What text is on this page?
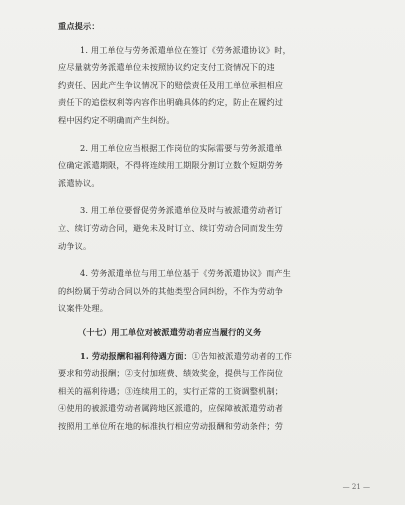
重点提示：
1. 用工单位与劳务派遣单位在签订《劳务派遣协议》时，
应尽量就劳务派遣单位未按照协议约定支付工资情况下的违
约责任、因此产生争议情况下的赔偿责任及用工单位承担相应
责任下的追偿权利等内容作出明确具体的约定，防止在履约过
程中因约定不明确而产生纠纷。
2. 用工单位应当根据工作岗位的实际需要与劳务派遣单
位确定派遣期限，不得将连续用工期限分割订立数个短期劳务
派遣协议。
3. 用工单位要督促劳务派遣单位及时与被派遣劳动者订
立、续订劳动合同，避免未及时订立、续订劳动合同而发生劳
动争议。
4. 劳务派遣单位与用工单位基于《劳务派遣协议》而产生
的纠纷属于劳动合同以外的其他类型合同纠纷，不作为劳动争
议案件处理。
（十七）用工单位对被派遣劳动者应当履行的义务
1. 劳动报酬和福利待遇方面：①告知被派遣劳动者的工作
要求和劳动报酬；②支付加班费、绩效奖金，提供与工作岗位
相关的福利待遇；③连续用工的，实行正常的工资调整机制；
④使用的被派遣劳动者属跨地区派遣的，应保障被派遣劳动者
按照用工单位所在地的标准执行相应劳动报酬和劳动条件；劳
— 21 —
